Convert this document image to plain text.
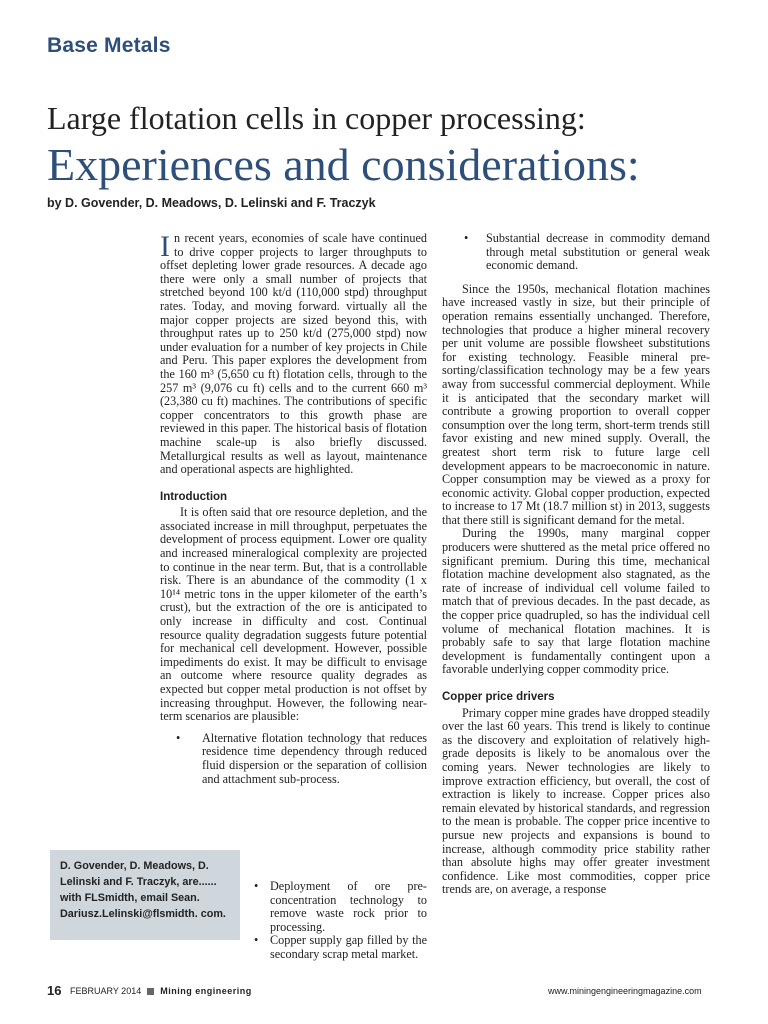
Base Metals
Large flotation cells in copper processing:
Experiences and considerations:
by D. Govender, D. Meadows, D. Lelinski and F. Traczyk

In recent years, economies of scale have continued to drive copper projects to larger throughputs to offset depleting lower grade resources. A decade ago there were only a small number of projects that stretched beyond 100 kt/d (110,000 stpd) throughput rates. Today, and moving forward. virtually all the major copper projects are sized beyond this, with throughput rates up to 250 kt/d (275,000 stpd) now under evaluation for a number of key projects in Chile and Peru. This paper explores the development from the 160 m³ (5,650 cu ft) flotation cells, through to the 257 m³ (9,076 cu ft) cells and to the current 660 m³ (23,380 cu ft) machines. The contributions of specific copper concentrators to this growth phase are reviewed in this paper. The historical basis of flotation machine scale-up is also briefly discussed. Metallurgical results as well as layout, maintenance and operational aspects are highlighted.

Introduction

It is often said that ore resource depletion, and the associated increase in mill throughput, perpetuates the development of process equipment. Lower ore quality and increased mineralogical complexity are projected to continue in the near term. But, that is a controllable risk. There is an abundance of the commodity (1 x 10¹⁴ metric tons in the upper kilometer of the earth’s crust), but the extraction of the ore is anticipated to only increase in difficulty and cost. Continual resource quality degradation suggests future potential for mechanical cell development. However, possible impediments do exist. It may be difficult to envisage an outcome where resource quality degrades as expected but copper metal production is not offset by increasing throughput. However, the following near-term scenarios are plausible:

• Alternative flotation technology that reduces residence time dependency through reduced fluid dispersion or the separation of collision and attachment sub-process.

• Deployment of ore pre-concentration technology to remove waste rock prior to processing.

• Copper supply gap filled by the secondary scrap metal market.

• Substantial decrease in commodity demand through metal substitution or general weak economic demand.

Since the 1950s, mechanical flotation machines have increased vastly in size, but their principle of operation remains essentially unchanged. Therefore, technologies that produce a higher mineral recovery per unit volume are possible flowsheet substitutions for existing technology. Feasible mineral pre-sorting/classification technology may be a few years away from successful commercial deployment. While it is anticipated that the secondary market will contribute a growing proportion to overall copper consumption over the long term, short-term trends still favor existing and new mined supply. Overall, the greatest short term risk to future large cell development appears to be macroeconomic in nature. Copper consumption may be viewed as a proxy for economic activity. Global copper production, expected to increase to 17 Mt (18.7 million st) in 2013, suggests that there still is significant demand for the metal.

During the 1990s, many marginal copper producers were shuttered as the metal price offered no significant premium. During this time, mechanical flotation machine development also stagnated, as the rate of increase of individual cell volume failed to match that of previous decades. In the past decade, as the copper price quadrupled, so has the individual cell volume of mechanical flotation machines. It is probably safe to say that large flotation machine development is fundamentally contingent upon a favorable underlying copper commodity price.

Copper price drivers

Primary copper mine grades have dropped steadily over the last 60 years. This trend is likely to continue as the discovery and exploitation of relatively high-grade deposits is likely to be anomalous over the coming years. Newer technologies are likely to improve extraction efficiency, but overall, the cost of extraction is likely to increase. Copper prices also remain elevated by historical standards, and regression to the mean is probable. The copper price incentive to pursue new projects and expansions is bound to increase, although commodity price stability rather than absolute highs may offer greater investment confidence. Like most commodities, copper price trends are, on average, a response

D. Govender, D. Meadows, D. Lelinski and F. Traczyk, are...... with FLSmidth, email Sean. Dariusz.Lelinski@flsmidth. com.
16 FEBRUARY 2014 Mining engineering	www.miningengineeringmagazine.com
